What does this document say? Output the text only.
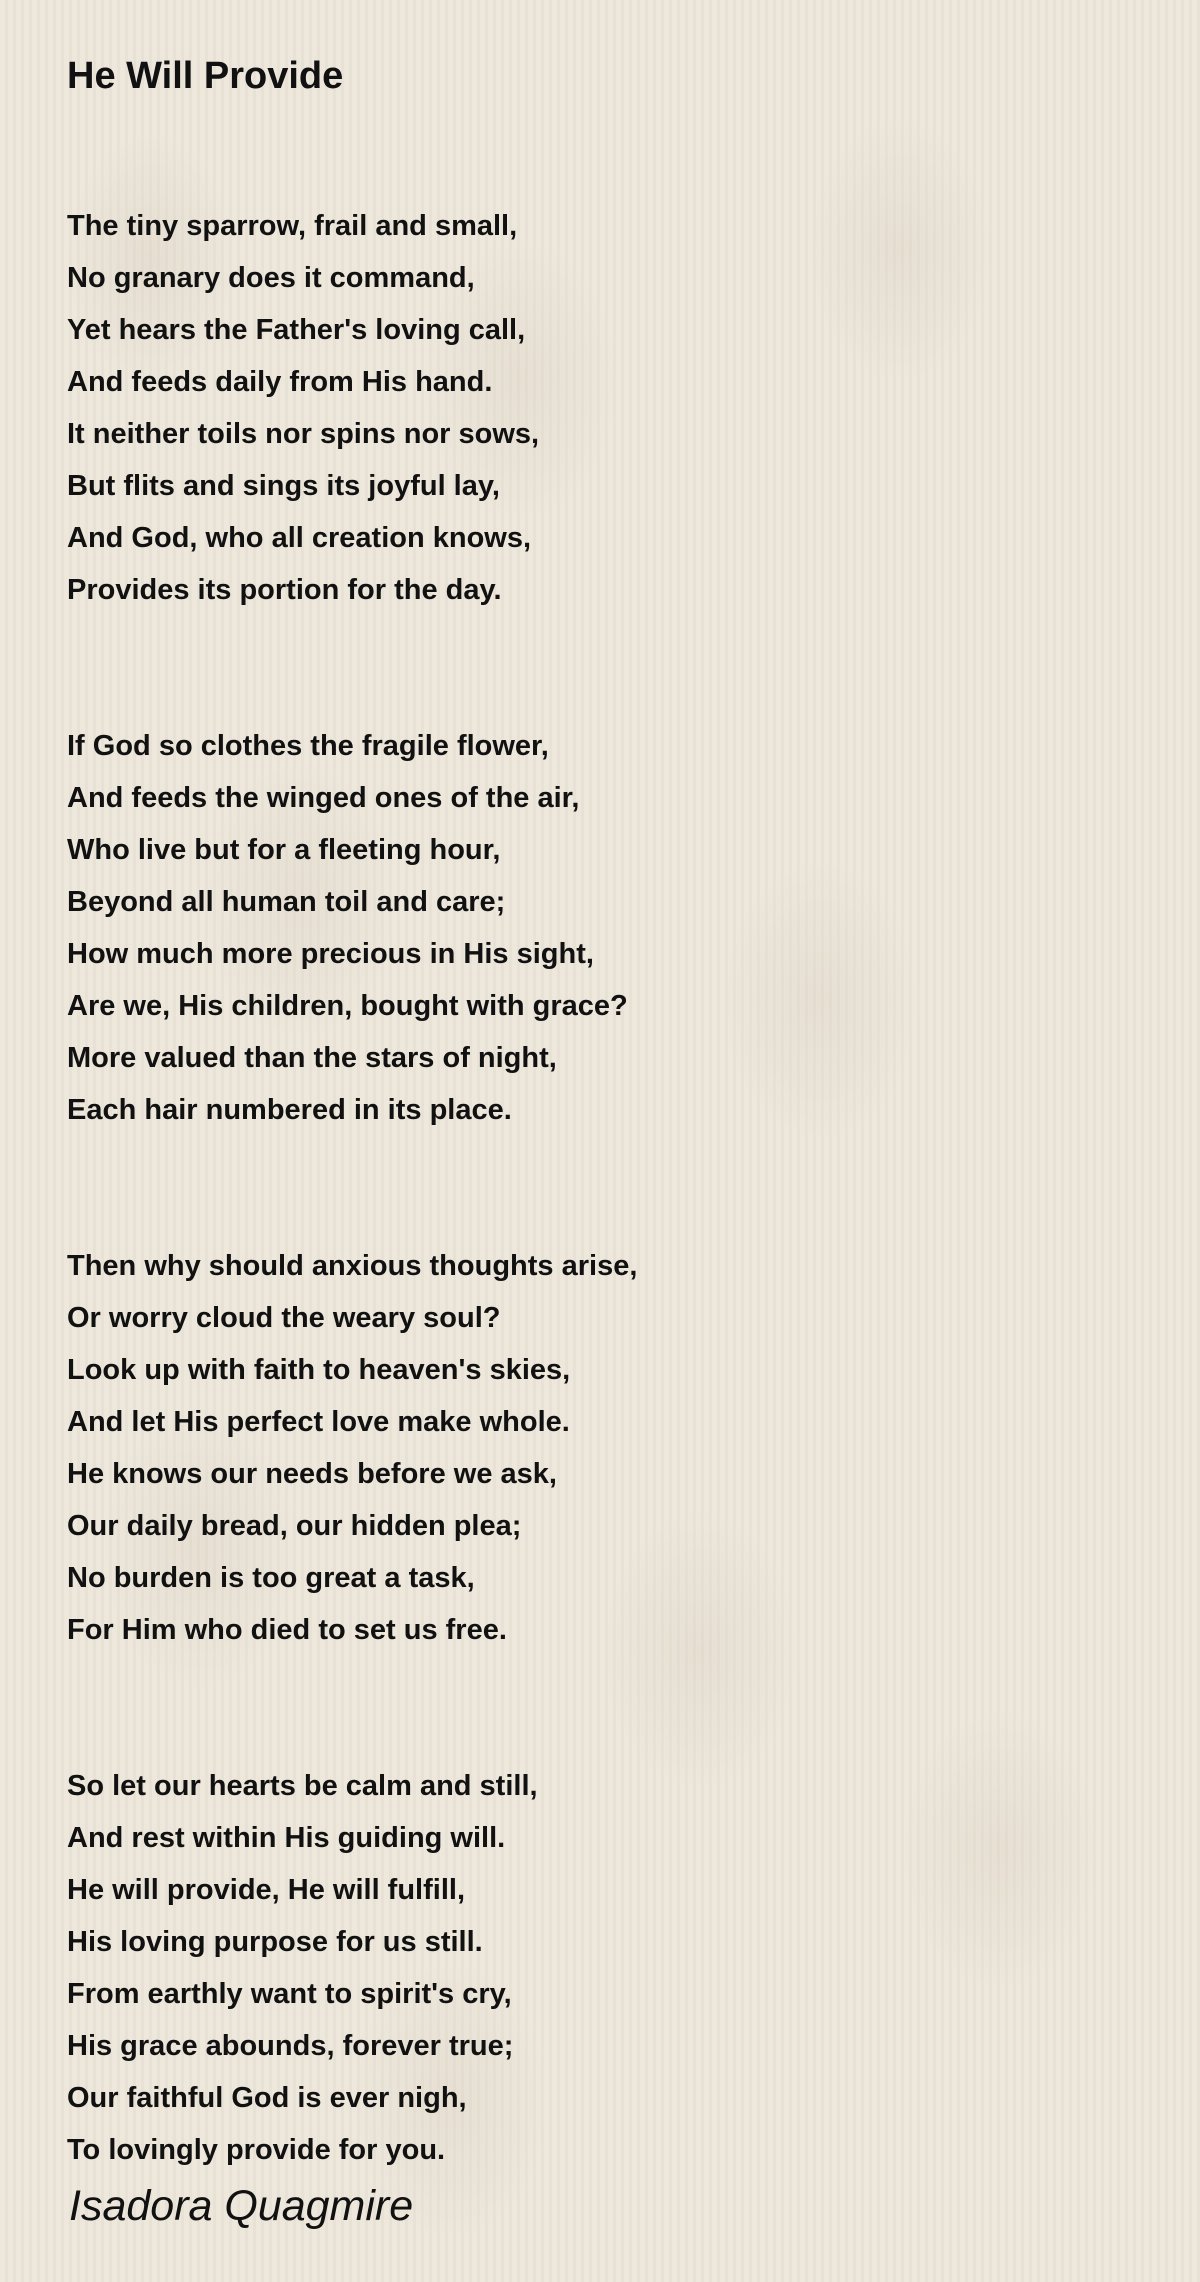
He Will Provide

The tiny sparrow, frail and small,
No granary does it command,
Yet hears the Father's loving call,
And feeds daily from His hand.
It neither toils nor spins nor sows,
But flits and sings its joyful lay,
And God, who all creation knows,
Provides its portion for the day.

If God so clothes the fragile flower,
And feeds the winged ones of the air,
Who live but for a fleeting hour,
Beyond all human toil and care;
How much more precious in His sight,
Are we, His children, bought with grace?
More valued than the stars of night,
Each hair numbered in its place.

Then why should anxious thoughts arise,
Or worry cloud the weary soul?
Look up with faith to heaven's skies,
And let His perfect love make whole.
He knows our needs before we ask,
Our daily bread, our hidden plea;
No burden is too great a task,
For Him who died to set us free.

So let our hearts be calm and still,
And rest within His guiding will.
He will provide, He will fulfill,
His loving purpose for us still.
From earthly want to spirit's cry,
His grace abounds, forever true;
Our faithful God is ever nigh,
To lovingly provide for you.

Isadora Quagmire
